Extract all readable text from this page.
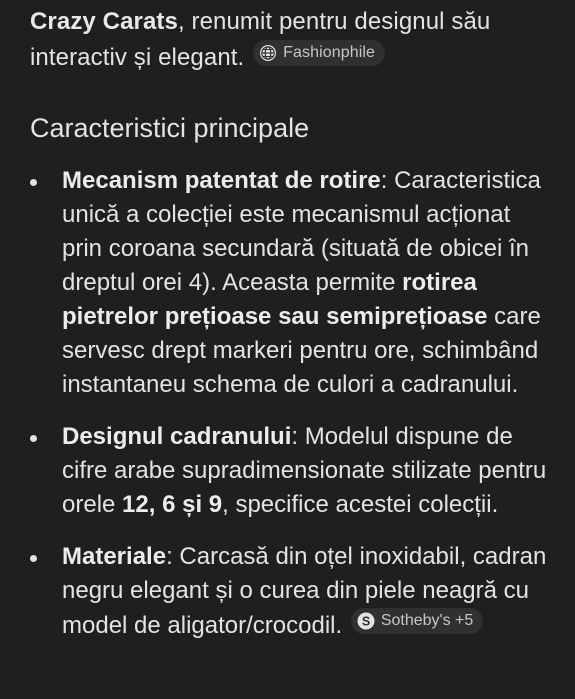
Crazy Carats, renumit pentru designul său interactiv și elegant. Fashionphile

Caracteristici principale
Mecanism patentat de rotire: Caracteristica unică a colecției este mecanismul acționat prin coroana secundară (situată de obicei în dreptul orei 4). Aceasta permite rotirea pietrelor prețioase sau semiprețioase care servesc drept markeri pentru ore, schimbând instantaneu schema de culori a cadranului.
Designul cadranului: Modelul dispune de cifre arabe supradimensionate stilizate pentru orele 12, 6 și 9, specifice acestei colecții.
Materiale: Carcasă din oțel inoxidabil, cadran negru elegant și o curea din piele neagră cu model de aligator/crocodil. S Sotheby's +5
